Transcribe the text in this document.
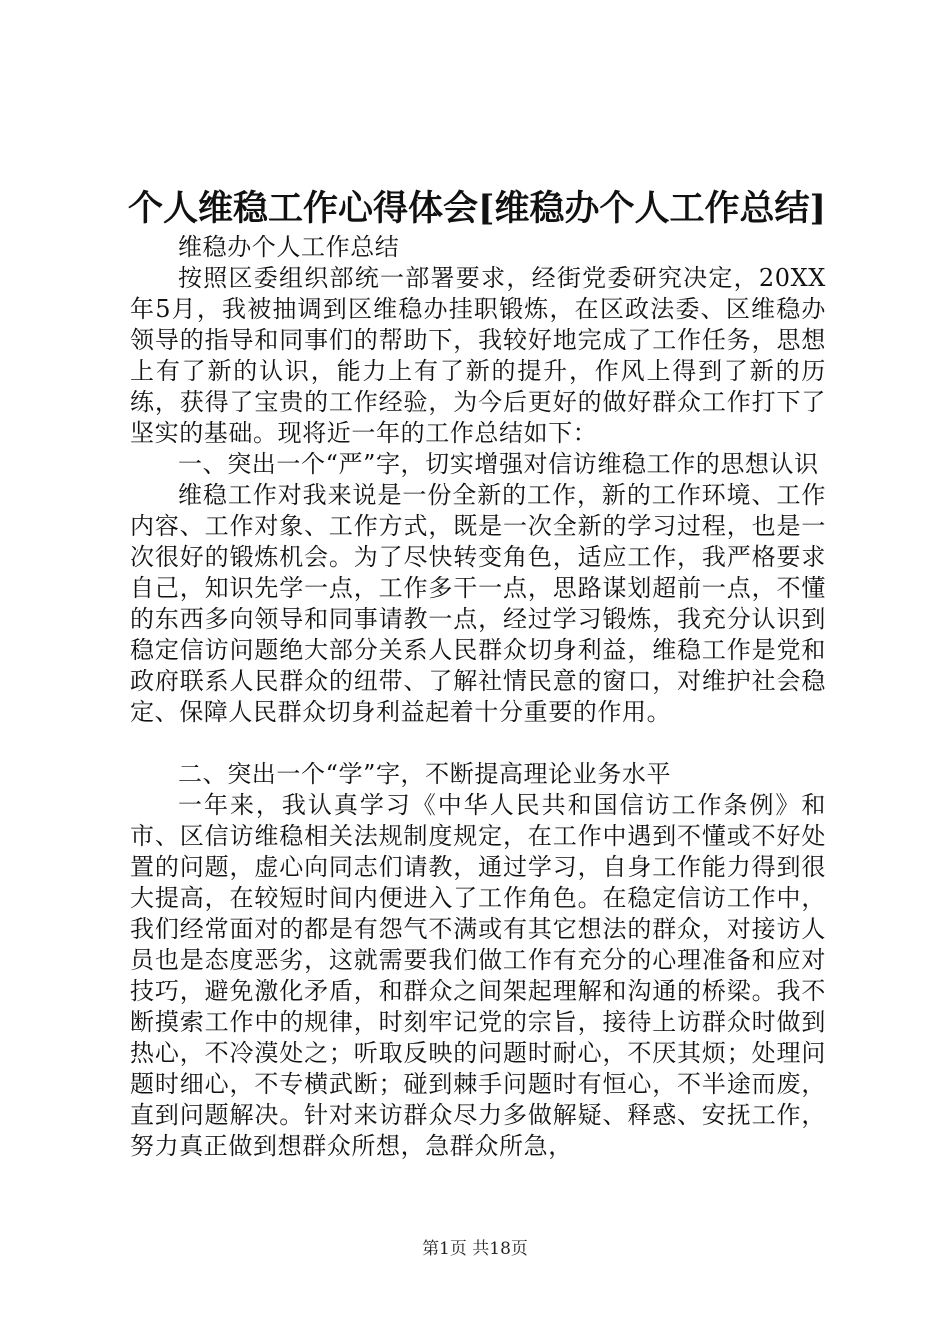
个人维稳工作心得体会[维稳办个人工作总结]

维稳办个人工作总结

按照区委组织部统一部署要求，经街党委研究决定，20XX年5月，我被抽调到区维稳办挂职锻炼，在区政法委、区维稳办领导的指导和同事们的帮助下，我较好地完成了工作任务，思想上有了新的认识，能力上有了新的提升，作风上得到了新的历练，获得了宝贵的工作经验，为今后更好的做好群众工作打下了坚实的基础。现将近一年的工作总结如下：

一、突出一个“严”字，切实增强对信访维稳工作的思想认识

维稳工作对我来说是一份全新的工作，新的工作环境、工作内容、工作对象、工作方式，既是一次全新的学习过程，也是一次很好的锻炼机会。为了尽快转变角色，适应工作，我严格要求自己，知识先学一点，工作多干一点，思路谋划超前一点，不懂的东西多向领导和同事请教一点，经过学习锻炼，我充分认识到稳定信访问题绝大部分关系人民群众切身利益，维稳工作是党和政府联系人民群众的纽带、了解社情民意的窗口，对维护社会稳定、保障人民群众切身利益起着十分重要的作用。

二、突出一个“学”字，不断提高理论业务水平

一年来，我认真学习《中华人民共和国信访工作条例》和市、区信访维稳相关法规制度规定，在工作中遇到不懂或不好处置的问题，虚心向同志们请教，通过学习，自身工作能力得到很大提高，在较短时间内便进入了工作角色。在稳定信访工作中，我们经常面对的都是有怨气不满或有其它想法的群众，对接访人员也是态度恶劣，这就需要我们做工作有充分的心理准备和应对技巧，避免激化矛盾，和群众之间架起理解和沟通的桥梁。我不断摸索工作中的规律，时刻牢记党的宗旨，接待上访群众时做到热心，不冷漠处之；听取反映的问题时耐心，不厌其烦；处理问题时细心，不专横武断；碰到棘手问题时有恒心，不半途而废，直到问题解决。针对来访群众尽力多做解疑、释惑、安抚工作，努力真正做到想群众所想，急群众所急，

第1页 共18页
